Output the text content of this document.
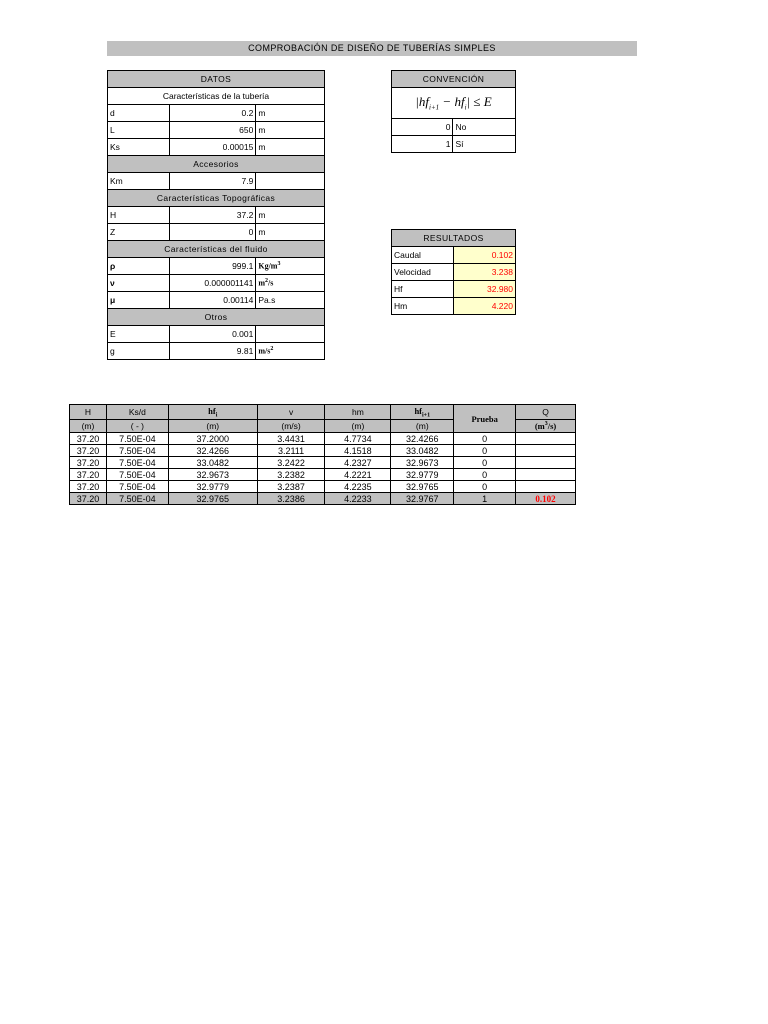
COMPROBACIÓN DE DISEÑO DE TUBERÍAS SIMPLES
DATOS		
Características de la tubería		
d	0.2	m
L	650	m
Ks	0.00015	m
Accesorios		
Km	7.9	
Características Topográficas		
H	37.2	m
Z	0	m
Características del fluido		
ρ	999.1	$Kg/m^3$
ν	0.000001141	$m^2/s$
μ	0.00114	Pa.s
Otros		
E	0.001	
g	9.81	$m/s^2$
CONVENCIÓN	
$|hf_{i+1} - hf_i| \le E$	
0	No
1	Sí
RESULTADOS	
Caudal	0.102
Velocidad	3.238
Hf	32.980
Hm	4.220
H	Ks/d	$hf_i$	v	hm	$hf_{i+1}$	Prueba	Q
(m)	( - )	(m)	(m/s)	(m)	(m)		$(m^3/s)$
37.20	7.50E-04	37.2000	3.4431	4.7734	32.4266	0	
37.20	7.50E-04	32.4266	3.2111	4.1518	33.0482	0	
37.20	7.50E-04	33.0482	3.2422	4.2327	32.9673	0	
37.20	7.50E-04	32.9673	3.2382	4.2221	32.9779	0	
37.20	7.50E-04	32.9779	3.2387	4.2235	32.9765	0	
37.20	7.50E-04	32.9765	3.2386	4.2233	32.9767	1	0.102
